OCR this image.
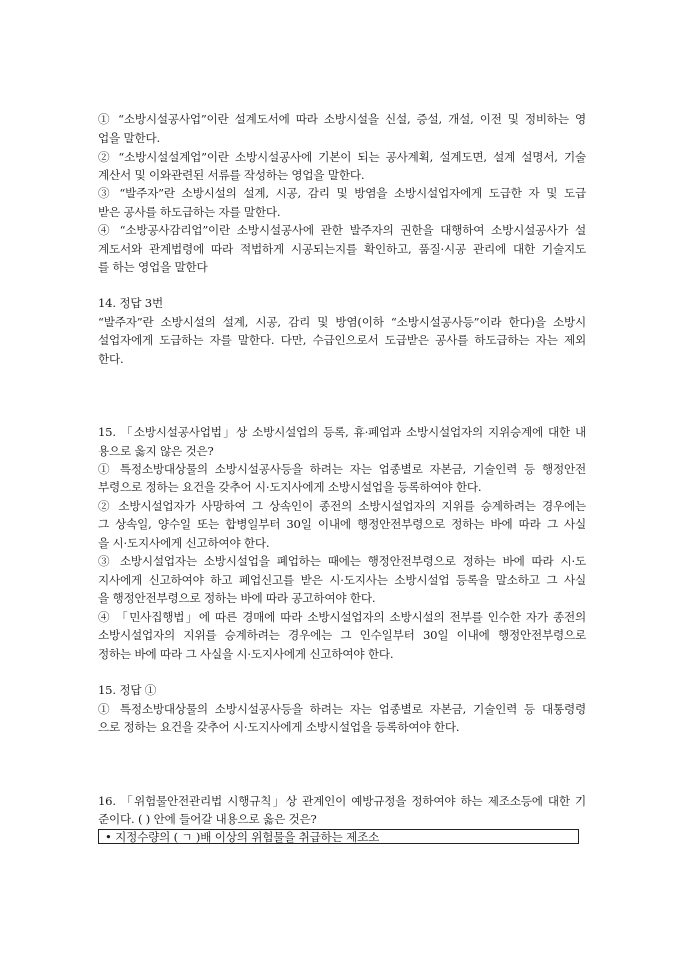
① “소방시설공사업”이란 설계도서에 따라 소방시설을 신설, 증설, 개설, 이전 및 정비하는 영

업을 말한다.

② “소방시설설계업”이란 소방시설공사에 기본이 되는 공사계획, 설계도면, 설계 설명서, 기술

계산서 및 이와관련된 서류를 작성하는 영업을 말한다.

③ “발주자”란 소방시설의 설계, 시공, 감리 및 방염을 소방시설업자에게 도급한 자 및 도급

받은 공사를 하도급하는 자를 말한다.

④ “소방공사감리업”이란 소방시설공사에 관한 발주자의 권한을 대행하여 소방시설공사가 설

계도서와 관계법령에 따라 적법하게 시공되는지를 확인하고, 품질·시공 관리에 대한 기술지도

를 하는 영업을 말한다

14. 정답 3번

“발주자”란 소방시설의 설계, 시공, 감리 및 방염(이하 “소방시설공사등”이라 한다)을 소방시

설업자에게 도급하는 자를 말한다. 다만, 수급인으로서 도급받은 공사를 하도급하는 자는 제외

한다.

15. 「소방시설공사업법」상 소방시설업의 등록, 휴·폐업과 소방시설업자의 지위승계에 대한 내

용으로 옳지 않은 것은?

① 특정소방대상물의 소방시설공사등을 하려는 자는 업종별로 자본금, 기술인력 등 행정안전

부령으로 정하는 요건을 갖추어 시·도지사에게 소방시설업을 등록하여야 한다.

② 소방시설업자가 사망하여 그 상속인이 종전의 소방시설업자의 지위를 승계하려는 경우에는

그 상속일, 양수일 또는 합병일부터 30일 이내에 행정안전부령으로 정하는 바에 따라 그 사실

을 시·도지사에게 신고하여야 한다.

③ 소방시설업자는 소방시설업을 폐업하는 때에는 행정안전부령으로 정하는 바에 따라 시·도

지사에게 신고하여야 하고 폐업신고를 받은 시·도지사는 소방시설업 등록을 말소하고 그 사실

을 행정안전부령으로 정하는 바에 따라 공고하여야 한다.

④ 「민사집행법」에 따른 경매에 따라 소방시설업자의 소방시설의 전부를 인수한 자가 종전의

소방시설업자의 지위를 승계하려는 경우에는 그 인수일부터 30일 이내에 행정안전부령으로

정하는 바에 따라 그 사실을 시·도지사에게 신고하여야 한다.

15. 정답 ①

① 특정소방대상물의 소방시설공사등을 하려는 자는 업종별로 자본금, 기술인력 등 대통령령

으로 정하는 요건을 갖추어 시·도지사에게 소방시설업을 등록하여야 한다.

16. 「위험물안전관리법 시행규칙」상 관계인이 예방규정을 정하여야 하는 제조소등에 대한 기

준이다. ( ) 안에 들어갈 내용으로 옳은 것은?

• 지정수량의 ( ㄱ )배 이상의 위험물을 취급하는 제조소
